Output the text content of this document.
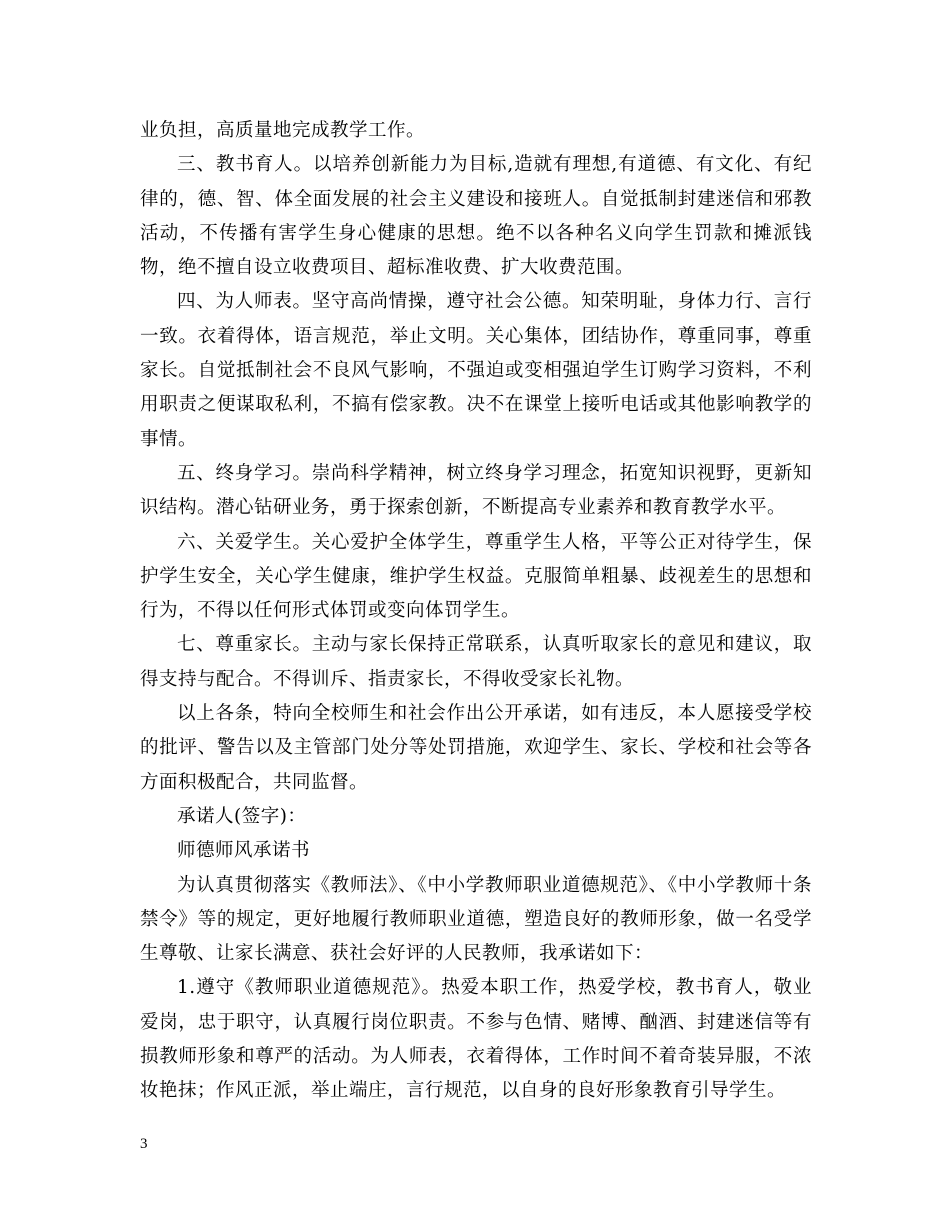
业负担，高质量地完成教学工作。

三、教书育人。以培养创新能力为目标,造就有理想,有道德、有文化、有纪律的，德、智、体全面发展的社会主义建设和接班人。自觉抵制封建迷信和邪教活动，不传播有害学生身心健康的思想。绝不以各种名义向学生罚款和摊派钱物，绝不擅自设立收费项目、超标准收费、扩大收费范围。

四、为人师表。坚守高尚情操，遵守社会公德。知荣明耻，身体力行、言行一致。衣着得体，语言规范，举止文明。关心集体，团结协作，尊重同事，尊重家长。自觉抵制社会不良风气影响，不强迫或变相强迫学生订购学习资料，不利用职责之便谋取私利，不搞有偿家教。决不在课堂上接听电话或其他影响教学的事情。

五、终身学习。崇尚科学精神，树立终身学习理念，拓宽知识视野，更新知识结构。潜心钻研业务，勇于探索创新，不断提高专业素养和教育教学水平。

六、关爱学生。关心爱护全体学生，尊重学生人格，平等公正对待学生，保护学生安全，关心学生健康，维护学生权益。克服简单粗暴、歧视差生的思想和行为，不得以任何形式体罚或变向体罚学生。

七、尊重家长。主动与家长保持正常联系，认真听取家长的意见和建议，取得支持与配合。不得训斥、指责家长，不得收受家长礼物。

以上各条，特向全校师生和社会作出公开承诺，如有违反，本人愿接受学校的批评、警告以及主管部门处分等处罚措施，欢迎学生、家长、学校和社会等各方面积极配合，共同监督。

承诺人(签字)：

师德师风承诺书

为认真贯彻落实《教师法》、《中小学教师职业道德规范》、《中小学教师十条禁令》等的规定，更好地履行教师职业道德，塑造良好的教师形象，做一名受学生尊敬、让家长满意、获社会好评的人民教师，我承诺如下：

1.遵守《教师职业道德规范》。热爱本职工作，热爱学校，教书育人，敬业爱岗，忠于职守，认真履行岗位职责。不参与色情、赌博、酗酒、封建迷信等有损教师形象和尊严的活动。为人师表，衣着得体，工作时间不着奇装异服，不浓妆艳抹；作风正派，举止端庄，言行规范，以自身的良好形象教育引导学生。

3
